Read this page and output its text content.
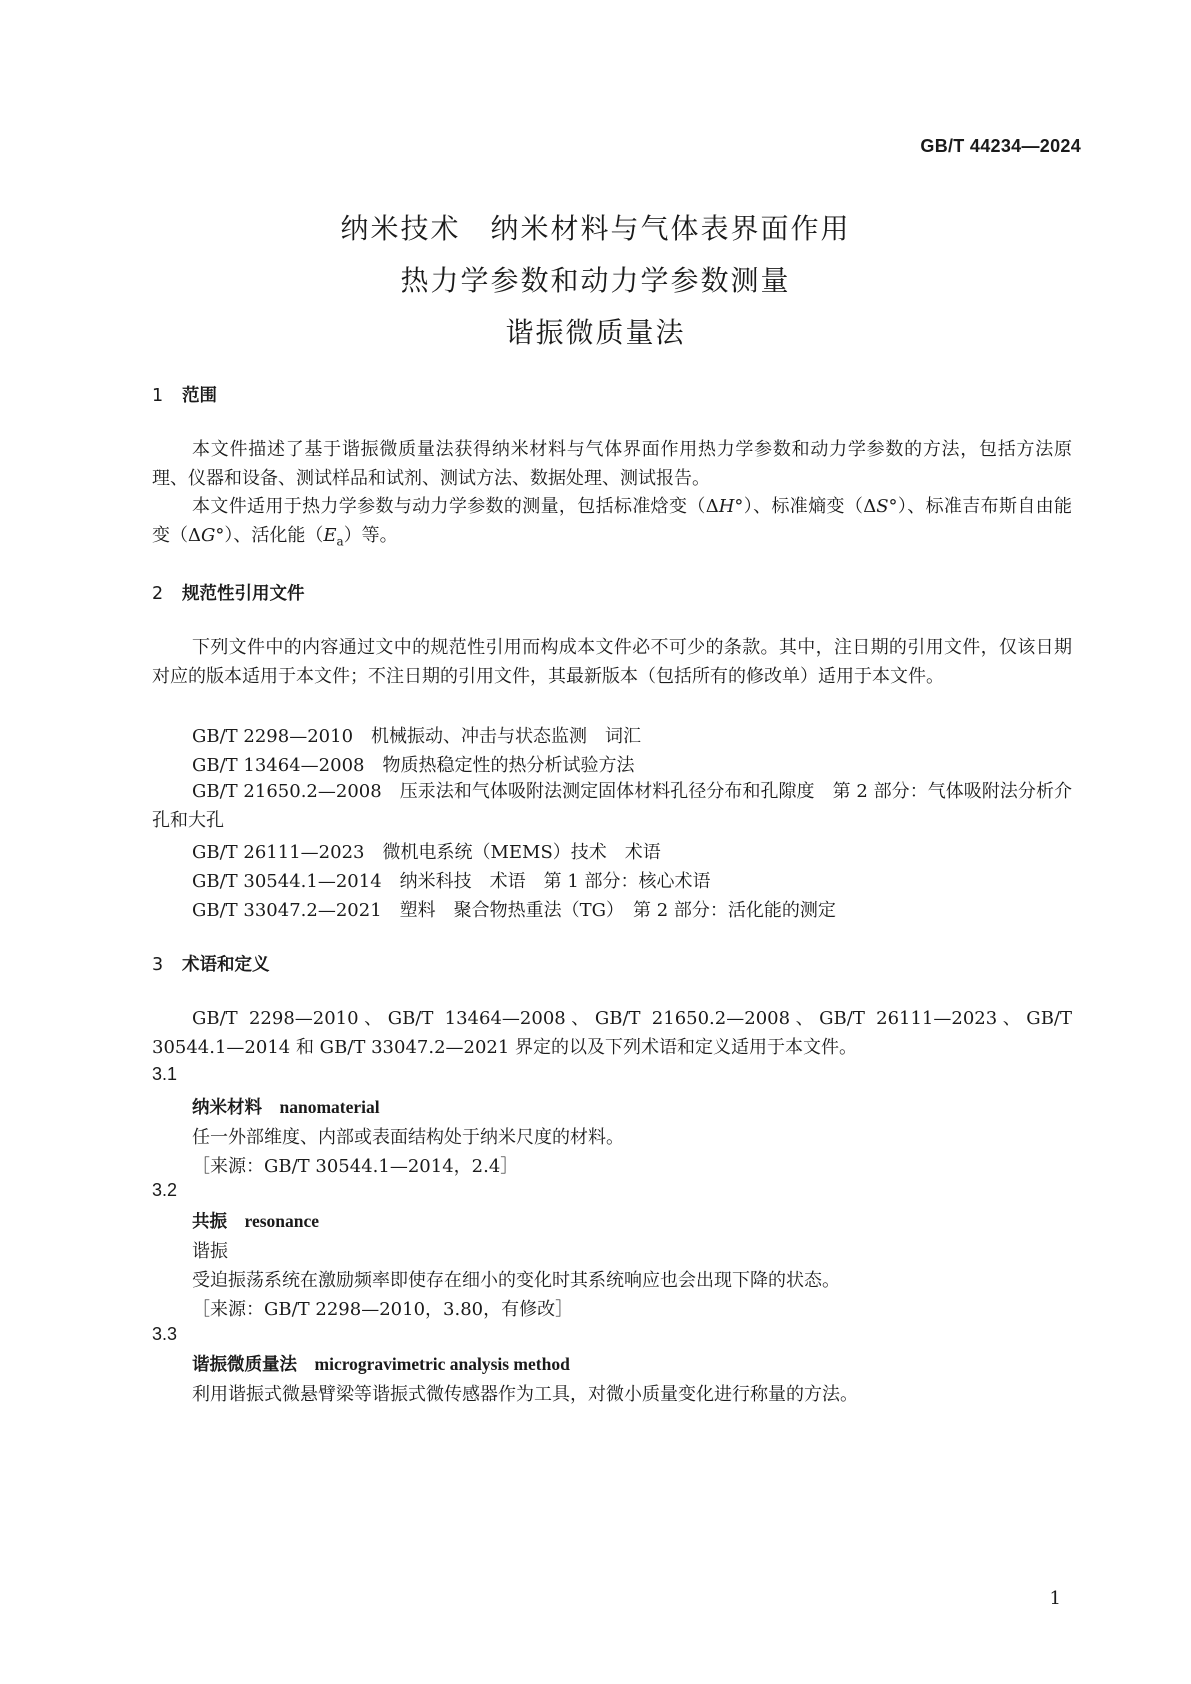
GB/T 44234—2024
纳米技术　纳米材料与气体表界面作用
热力学参数和动力学参数测量
谐振微质量法
1 范围
本文件描述了基于谐振微质量法获得纳米材料与气体界面作用热力学参数和动力学参数的方法，包括方法原理、仪器和设备、测试样品和试剂、测试方法、数据处理、测试报告。
本文件适用于热力学参数与动力学参数的测量，包括标准焓变（ΔH°）、标准熵变（ΔS°）、标准吉布斯自由能变（ΔG°）、活化能$(E_a)$等。
2 规范性引用文件
下列文件中的内容通过文中的规范性引用而构成本文件必不可少的条款。其中，注日期的引用文件，仅该日期对应的版本适用于本文件；不注日期的引用文件，其最新版本（包括所有的修改单）适用于本文件。
GB/T 2298—2010　机械振动、冲击与状态监测　词汇
GB/T 13464—2008　物质热稳定性的热分析试验方法
GB/T 21650.2—2008　压汞法和气体吸附法测定固体材料孔径分布和孔隙度　第 2 部分：气体吸附法分析介孔和大孔
GB/T 26111—2023　微机电系统（MEMS）技术　术语
GB/T 30544.1—2014　纳米科技　术语　第 1 部分：核心术语
GB/T 33047.2—2021　塑料　聚合物热重法（TG）　第 2 部分：活化能的测定
3 术语和定义
GB/T 2298—2010、GB/T 13464—2008、GB/T 21650.2—2008、GB/T 26111—2023、GB/T 30544.1—2014 和 GB/T 33047.2—2021 界定的以及下列术语和定义适用于本文件。
3.1
纳米材料　 nanomaterial
任一外部维度、内部或表面结构处于纳米尺度的材料。
［来源：GB/T 30544.1—2014，2.4］
3.2
共振　 resonance
谐振
受迫振荡系统在激励频率即使存在细小的变化时其系统响应也会出现下降的状态。
［来源：GB/T 2298—2010，3.80，有修改］
3.3
谐振微质量法　 microgravimetric analysis method
利用谐振式微悬臂梁等谐振式微传感器作为工具，对微小质量变化进行称量的方法。
1
